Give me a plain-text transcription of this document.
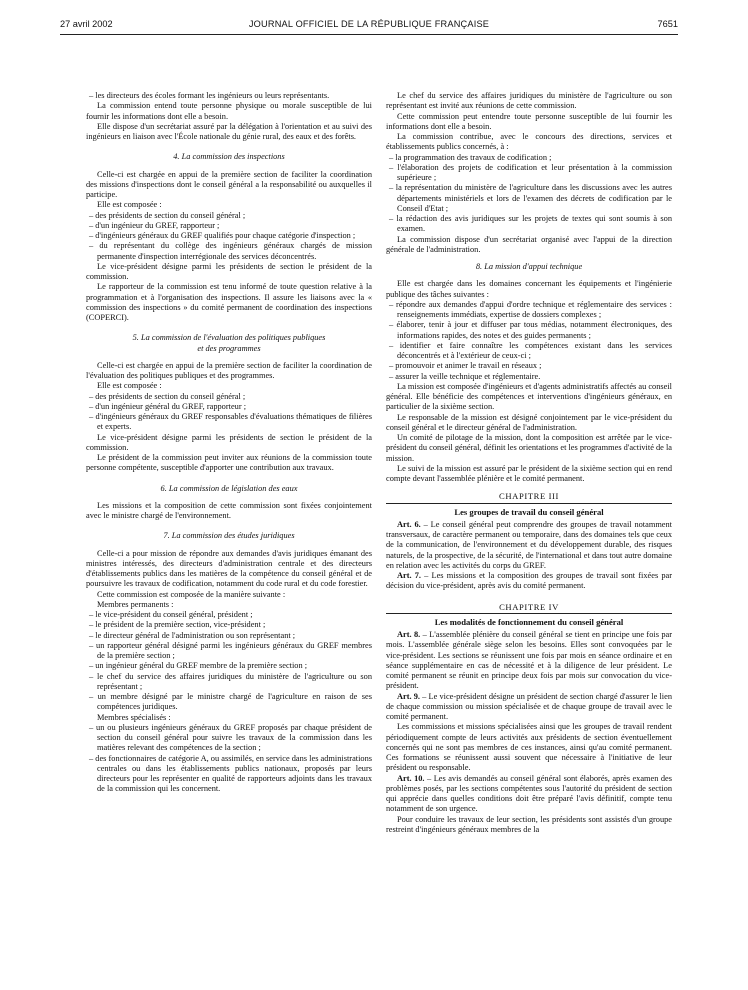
27 avril 2002	JOURNAL OFFICIEL DE LA RÉPUBLIQUE FRANÇAISE	7651

– les directeurs des écoles formant les ingénieurs ou leurs représentants.

La commission entend toute personne physique ou morale susceptible de lui fournir les informations dont elle a besoin.

Elle dispose d'un secrétariat assuré par la délégation à l'orientation et au suivi des ingénieurs en liaison avec l'École nationale du génie rural, des eaux et des forêts.

4. La commission des inspections

Celle-ci est chargée en appui de la première section de faciliter la coordination des missions d'inspections dont le conseil général a la responsabilité ou auxquelles il participe.

Elle est composée :

– des présidents de section du conseil général ;

– d'un ingénieur du GREF, rapporteur ;

– d'ingénieurs généraux du GREF qualifiés pour chaque catégorie d'inspection ;

– du représentant du collège des ingénieurs généraux chargés de mission permanente d'inspection interrégionale des services déconcentrés.

Le vice-président désigne parmi les présidents de section le président de la commission.

Le rapporteur de la commission est tenu informé de toute question relative à la programmation et à l'organisation des inspections. Il assure les liaisons avec la « commission des inspections » du comité permanent de coordination des inspections (COPERCI).

5. La commission de l'évaluation des politiques publiques

et des programmes

Celle-ci est chargée en appui de la première section de faciliter la coordination de l'évaluation des politiques publiques et des programmes.

Elle est composée :

– des présidents de section du conseil général ;

– d'un ingénieur général du GREF, rapporteur ;

– d'ingénieurs généraux du GREF responsables d'évaluations thématiques de filières et experts.

Le vice-président désigne parmi les présidents de section le président de la commission.

Le président de la commission peut inviter aux réunions de la commission toute personne compétente, susceptible d'apporter une contribution aux travaux.

6. La commission de législation des eaux

Les missions et la composition de cette commission sont fixées conjointement avec le ministre chargé de l'environnement.

7. La commission des études juridiques

Celle-ci a pour mission de répondre aux demandes d'avis juridiques émanant des ministres intéressés, des directeurs d'administration centrale et des directeurs d'établissements publics dans les matières de la compétence du conseil général et de poursuivre les travaux de codification, notamment du code rural et du code forestier.

Cette commission est composée de la manière suivante :

Membres permanents :

– le vice-président du conseil général, président ;

– le président de la première section, vice-président ;

– le directeur général de l'administration ou son représentant ;

– un rapporteur général désigné parmi les ingénieurs généraux du GREF membres de la première section ;

– un ingénieur général du GREF membre de la première section ;

– le chef du service des affaires juridiques du ministère de l'agriculture ou son représentant ;

– un membre désigné par le ministre chargé de l'agriculture en raison de ses compétences juridiques.

Membres spécialisés :

– un ou plusieurs ingénieurs généraux du GREF proposés par chaque président de section du conseil général pour suivre les travaux de la commission dans les matières relevant des compétences de la section ;

– des fonctionnaires de catégorie A, ou assimilés, en service dans les administrations centrales ou dans les établissements publics nationaux, proposés par leurs directeurs pour les représenter en qualité de rapporteurs adjoints dans les travaux de la commission qui les concernent.

Le chef du service des affaires juridiques du ministère de l'agriculture ou son représentant est invité aux réunions de cette commission.

Cette commission peut entendre toute personne susceptible de lui fournir les informations dont elle a besoin.

La commission contribue, avec le concours des directions, services et établissements publics concernés, à :

– la programmation des travaux de codification ;

– l'élaboration des projets de codification et leur présentation à la commission supérieure ;

– la représentation du ministère de l'agriculture dans les discussions avec les autres départements ministériels et lors de l'examen des décrets de codification par le Conseil d'Etat ;

– la rédaction des avis juridiques sur les projets de textes qui sont soumis à son examen.

La commission dispose d'un secrétariat organisé avec l'appui de la direction générale de l'administration.

8. La mission d'appui technique

Elle est chargée dans les domaines concernant les équipements et l'ingénierie publique des tâches suivantes :

– répondre aux demandes d'appui d'ordre technique et réglementaire des services : renseignements immédiats, expertise de dossiers complexes ;

– élaborer, tenir à jour et diffuser par tous médias, notamment électroniques, des informations rapides, des notes et des guides permanents ;

– identifier et faire connaître les compétences existant dans les services déconcentrés et à l'extérieur de ceux-ci ;

– promouvoir et animer le travail en réseaux ;

– assurer la veille technique et réglementaire.

La mission est composée d'ingénieurs et d'agents administratifs affectés au conseil général. Elle bénéficie des compétences et interventions d'ingénieurs généraux, en particulier de la sixième section.

Le responsable de la mission est désigné conjointement par le vice-président du conseil général et le directeur général de l'administration.

Un comité de pilotage de la mission, dont la composition est arrêtée par le vice-président du conseil général, définit les orientations et les programmes d'activité de la mission.

Le suivi de la mission est assuré par le président de la sixième section qui en rend compte devant l'assemblée plénière et le comité permanent.

CHAPITRE III

Les groupes de travail du conseil général

Art. 6. – Le conseil général peut comprendre des groupes de travail notamment transversaux, de caractère permanent ou temporaire, dans des domaines tels que ceux de la communication, de l'environnement et du développement durable, des risques naturels, de la prospective, de la sécurité, de l'international et dans tout autre domaine en relation avec les activités du corps du GREF.

Art. 7. – Les missions et la composition des groupes de travail sont fixées par décision du vice-président, après avis du comité permanent.

CHAPITRE IV

Les modalités de fonctionnement du conseil général

Art. 8. – L'assemblée plénière du conseil général se tient en principe une fois par mois. L'assemblée générale siège selon les besoins. Elles sont convoquées par le vice-président. Les sections se réunissent une fois par mois en séance ordinaire et en séance supplémentaire en cas de nécessité et à la diligence de leur président. Le comité permanent se réunit en principe deux fois par mois sur convocation du vice-président.

Art. 9. – Le vice-président désigne un président de section chargé d'assurer le lien de chaque commission ou mission spécialisée et de chaque groupe de travail avec le comité permanent.

Les commissions et missions spécialisées ainsi que les groupes de travail rendent périodiquement compte de leurs activités aux présidents de section éventuellement concernés qui ne sont pas membres de ces instances, ainsi qu'au comité permanent. Ces formations se réunissent aussi souvent que nécessaire à l'initiative de leur président ou responsable.

Art. 10. – Les avis demandés au conseil général sont élaborés, après examen des problèmes posés, par les sections compétentes sous l'autorité du président de section qui apprécie dans quelles conditions doit être préparé l'avis définitif, compte tenu notamment de son urgence.

Pour conduire les travaux de leur section, les présidents sont assistés d'un groupe restreint d'ingénieurs généraux membres de la
